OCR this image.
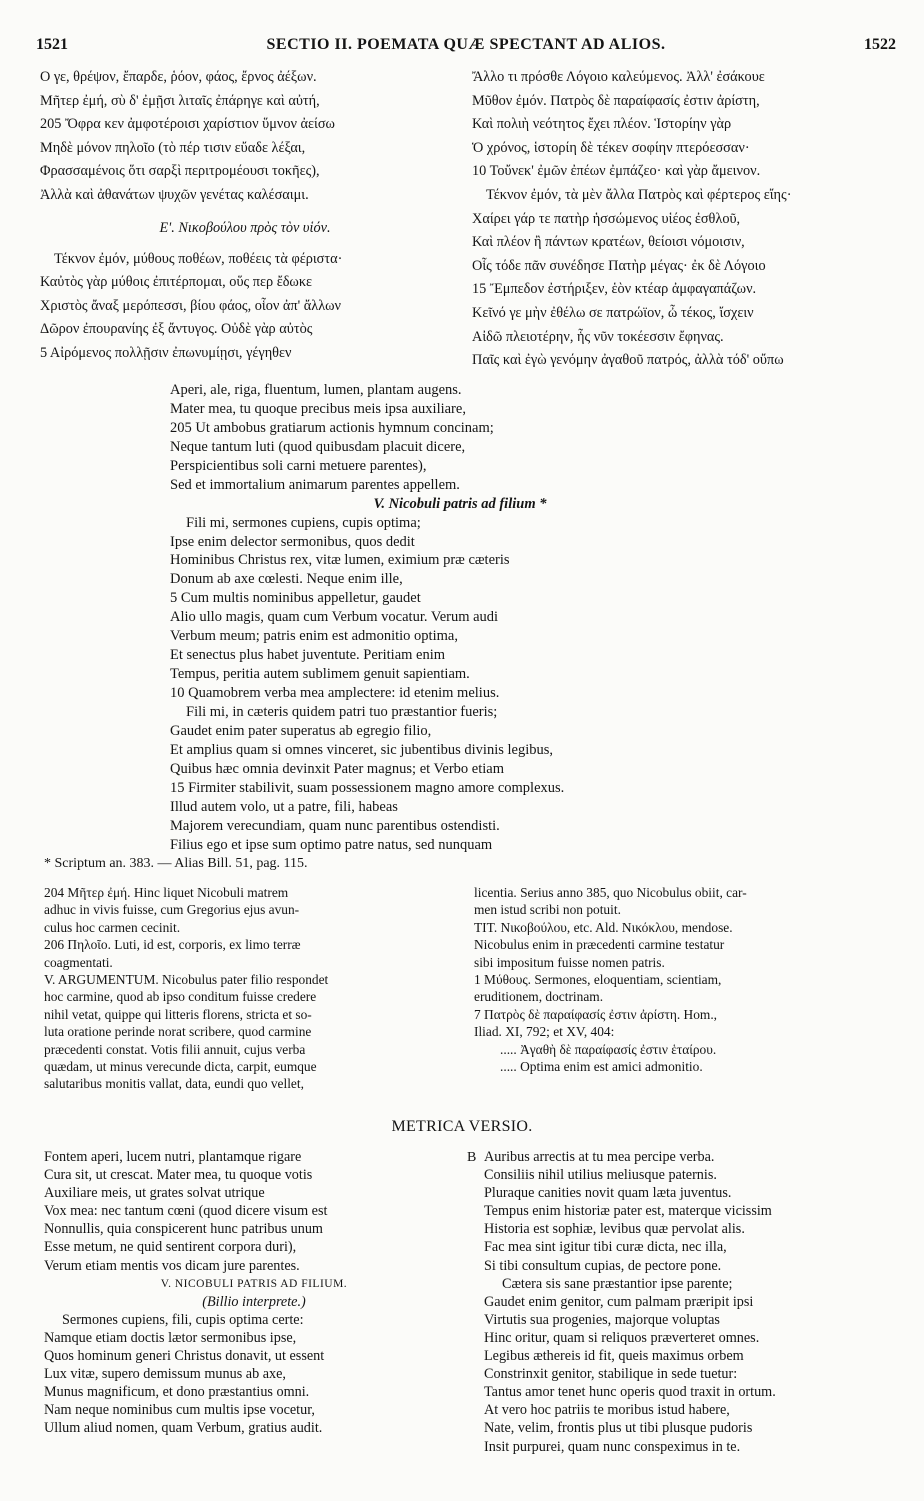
1521	SECTIO II. POEMATA QUÆ SPECTANT AD ALIOS.	1522
Ο γε, θρέψον, ἔπαρδε, ῥόον, φάος, ἔρνος ἀέξων.
Μῆτερ ἐμή, σὺ δ' ἐμῇσι λιταῖς ἐπάρηγε καὶ αὐτή,
205 Ὄφρα κεν ἀμφοτέροισι χαρίστιον ὕμνον ἀείσω
Μηδὲ μόνον πηλοῖο (τὸ πέρ τισιν εὔαδε λέξαι,
Φρασσαμένοις ὅτι σαρξὶ περιτρομέουσι τοκῆες),
Ἀλλὰ καὶ ἀθανάτων ψυχῶν γενέτας καλέσαιμι.
Ε'. Νικοβούλου πρὸς τὸν υἱόν.
Τέκνον ἐμόν, μύθους ποθέων, ποθέεις τὰ φέριστα·
Καὐτὸς γὰρ μύθοις ἐπιτέρπομαι, οὕς περ ἔδωκε
Χριστὸς ἄναξ μερόπεσσι, βίου φάος, οἷον ἀπ' ἄλλων
Δῶρον ἐπουρανίης ἐξ ἄντυγος. Οὐδὲ γὰρ αὐτὸς
5 Αἰρόμενος πολλῇσιν ἐπωνυμίῃσι, γέγηθεν
Ἄλλο τι πρόσθε Λόγοιο καλεύμενος. Ἀλλ' ἐσάκουε
Μῦθον ἐμόν. Πατρὸς δὲ παραίφασίς ἐστιν ἀρίστη,
Καὶ πολιὴ νεότητος ἔχει πλέον. Ἱστορίην γὰρ
Ὁ χρόνος, ἱστορίη δὲ τέκεν σοφίην πτερόεσσαν·
10 Τοὔνεκ' ἐμῶν ἐπέων ἐμπάζεο· καὶ γὰρ ἄμεινον.
Τέκνον ἐμόν, τὰ μὲν ἄλλα Πατρὸς καὶ φέρτερος εἴης·
Χαίρει γάρ τε πατὴρ ἡσσώμενος υἱέος ἐσθλοῦ,
Καὶ πλέον ἢ πάντων κρατέων, θείοισι νόμοισιν,
Οἷς τόδε πᾶν συνέδησε Πατὴρ μέγας· ἐκ δὲ Λόγοιο
15 Ἔμπεδον ἐστήριξεν, ἑὸν κτέαρ ἀμφαγαπάζων.
Κεῖνό γε μὴν ἐθέλω σε πατρώϊον, ὦ τέκος, ἴσχειν
Αἰδῶ πλειοτέρην, ἧς νῦν τοκέεσσιν ἔφηνας.
Παῖς καὶ ἐγὼ γενόμην ἀγαθοῦ πατρός, ἀλλὰ τόδ' οὔπω
Aperi, ale, riga, fluentum, lumen, plantam augens.
Mater mea, tu quoque precibus meis ipsa auxiliare,
205 Ut ambobus gratiarum actionis hymnum concinam;
Neque tantum luti (quod quibusdam placuit dicere,
Perspicientibus soli carni metuere parentes),
Sed et immortalium animarum parentes appellem.
V. Nicobuli patris ad filium *
Fili mi, sermones cupiens, cupis optima;
Ipse enim delector sermonibus, quos dedit
Hominibus Christus rex, vitæ lumen, eximium præ cæteris
Donum ab axe cœlesti. Neque enim ille,
5 Cum multis nominibus appelletur, gaudet
Alio ullo magis, quam cum Verbum vocatur. Verum audi
Verbum meum; patris enim est admonitio optima,
Et senectus plus habet juventute. Peritiam enim
Tempus, peritia autem sublimem genuit sapientiam.
10 Quamobrem verba mea amplectere: id etenim melius.
Fili mi, in cæteris quidem patri tuo præstantior fueris;
Gaudet enim pater superatus ab egregio filio,
Et amplius quam si omnes vinceret, sic jubentibus divinis legibus,
Quibus hæc omnia devinxit Pater magnus; et Verbo etiam
15 Firmiter stabilivit, suam possessionem magno amore complexus.
Illud autem volo, ut a patre, fili, habeas
Majorem verecundiam, quam nunc parentibus ostendisti.
Filius ego et ipse sum optimo patre natus, sed nunquam
* Scriptum an. 383. — Alias Bill. 51, pag. 115.
204 Μῆτερ ἐμή. Hinc liquet Nicobuli matrem
adhuc in vivis fuisse, cum Gregorius ejus avun-
culus hoc carmen cecinit.
206 Πηλοῖο. Luti, id est, corporis, ex limo terræ
coagmentati.
V. ARGUMENTUM. Nicobulus pater filio respondet
hoc carmine, quod ab ipso conditum fuisse credere
nihil vetat, quippe qui litteris florens, stricta et so-
luta oratione perinde norat scribere, quod carmine
præcedenti constat. Votis filii annuit, cujus verba
quædam, ut minus verecunde dicta, carpit, eumque
salutaribus monitis vallat, data, eundi quo vellet,
licentia. Serius anno 385, quo Nicobulus obiit, car-
men istud scribi non potuit.
TIT. Νικοβούλου, etc. Ald. Νικόκλου, mendose.
Nicobulus enim in præcedenti carmine testatur
sibi impositum fuisse nomen patris.
1 Μύθους. Sermones, eloquentiam, scientiam,
eruditionem, doctrinam.
7 Πατρὸς δὲ παραίφασίς ἐστιν ἀρίστη. Hom.,
Iliad. XI, 792; et XV, 404:
..... Ἀγαθὴ δὲ παραίφασίς ἐστιν ἑταίρου.
..... Optima enim est amici admonitio.
METRICA VERSIO.
Fontem aperi, lucem nutri, plantamque rigare
Cura sit, ut crescat. Mater mea, tu quoque votis
Auxiliare meis, ut grates solvat utrique
Vox mea: nec tantum cœni (quod dicere visum est
Nonnullis, quia conspicerent hunc patribus unum
Esse metum, ne quid sentirent corpora duri),
Verum etiam mentis vos dicam jure parentes.
V. NICOBULI PATRIS AD FILIUM.
(Billio interprete.)
Sermones cupiens, fili, cupis optima certe:
Namque etiam doctis lætor sermonibus ipse,
Quos hominum generi Christus donavit, ut essent
Lux vitæ, supero demissum munus ab axe,
Munus magnificum, et dono præstantius omni.
Nam neque nominibus cum multis ipse vocetur,
Ullum aliud nomen, quam Verbum, gratius audit.
B Auribus arrectis at tu mea percipe verba.
Consiliis nihil utilius meliusque paternis.
Pluraque canities novit quam læta juventus.
Tempus enim historiæ pater est, materque vicissim
Historia est sophiæ, levibus quæ pervolat alis.
Fac mea sint igitur tibi curæ dicta, nec illa,
Si tibi consultum cupias, de pectore pone.
Cætera sis sane præstantior ipse parente;
Gaudet enim genitor, cum palmam præripit ipsi
Virtutis sua progenies, majorque voluptas
Hinc oritur, quam si reliquos præverteret omnes.
Legibus æthereis id fit, queis maximus orbem
Constrinxit genitor, stabilique in sede tuetur:
Tantus amor tenet hunc operis quod traxit in ortum.
At vero hoc patriis te moribus istud habere,
Nate, velim, frontis plus ut tibi plusque pudoris
Insit purpurei, quam nunc conspeximus in te.
